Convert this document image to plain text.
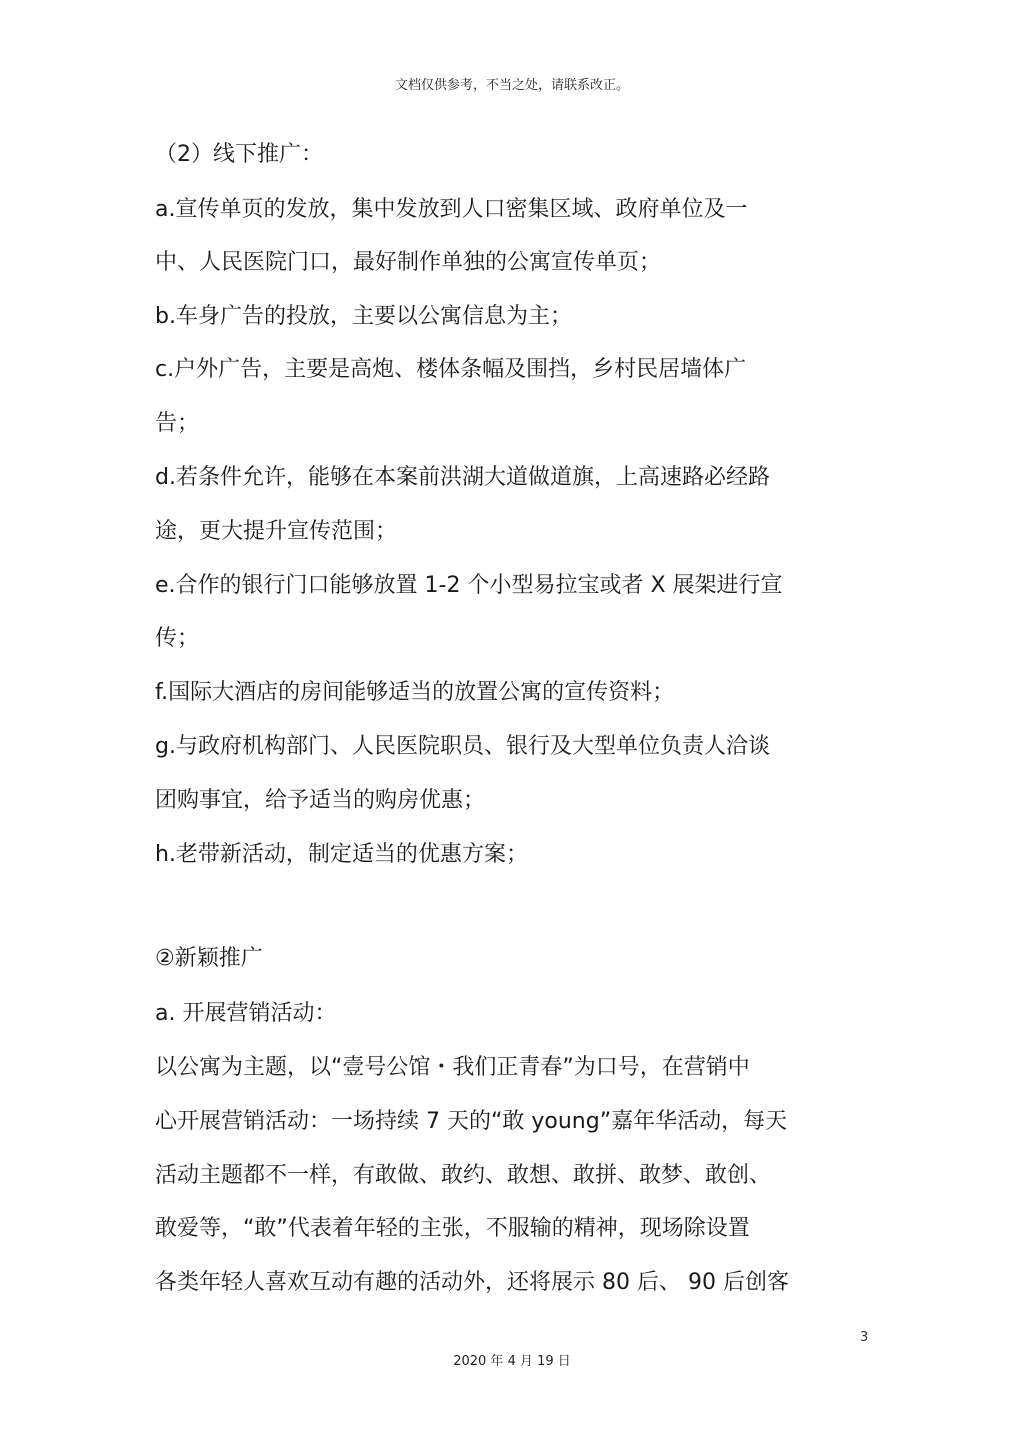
文档仅供参考，不当之处，请联系改正。
（2）线下推广：
a.宣传单页的发放，集中发放到人口密集区域、政府单位及一
中、人民医院门口，最好制作单独的公寓宣传单页；
b.车身广告的投放，主要以公寓信息为主；
c.户外广告，主要是高炮、楼体条幅及围挡，乡村民居墙体广
告；
d.若条件允许，能够在本案前洪湖大道做道旗，上高速路必经路
途，更大提升宣传范围；
e.合作的银行门口能够放置 1-2 个小型易拉宝或者 X 展架进行宣
传；
f.国际大酒店的房间能够适当的放置公寓的宣传资料；
g.与政府机构部门、人民医院职员、银行及大型单位负责人洽谈
团购事宜，给予适当的购房优惠；
h.老带新活动，制定适当的优惠方案；
②新颖推广
a. 开展营销活动：
以公寓为主题，以“壹号公馆・我们正青春”为口号，在营销中
心开展营销活动：一场持续 7 天的“敢 young”嘉年华活动，每天
活动主题都不一样，有敢做、敢约、敢想、敢拼、敢梦、敢创、
敢爱等，“敢”代表着年轻的主张，不服输的精神，现场除设置
各类年轻人喜欢互动有趣的活动外，还将展示 80 后、 90 后创客
3
2020 年 4 月 19 日
